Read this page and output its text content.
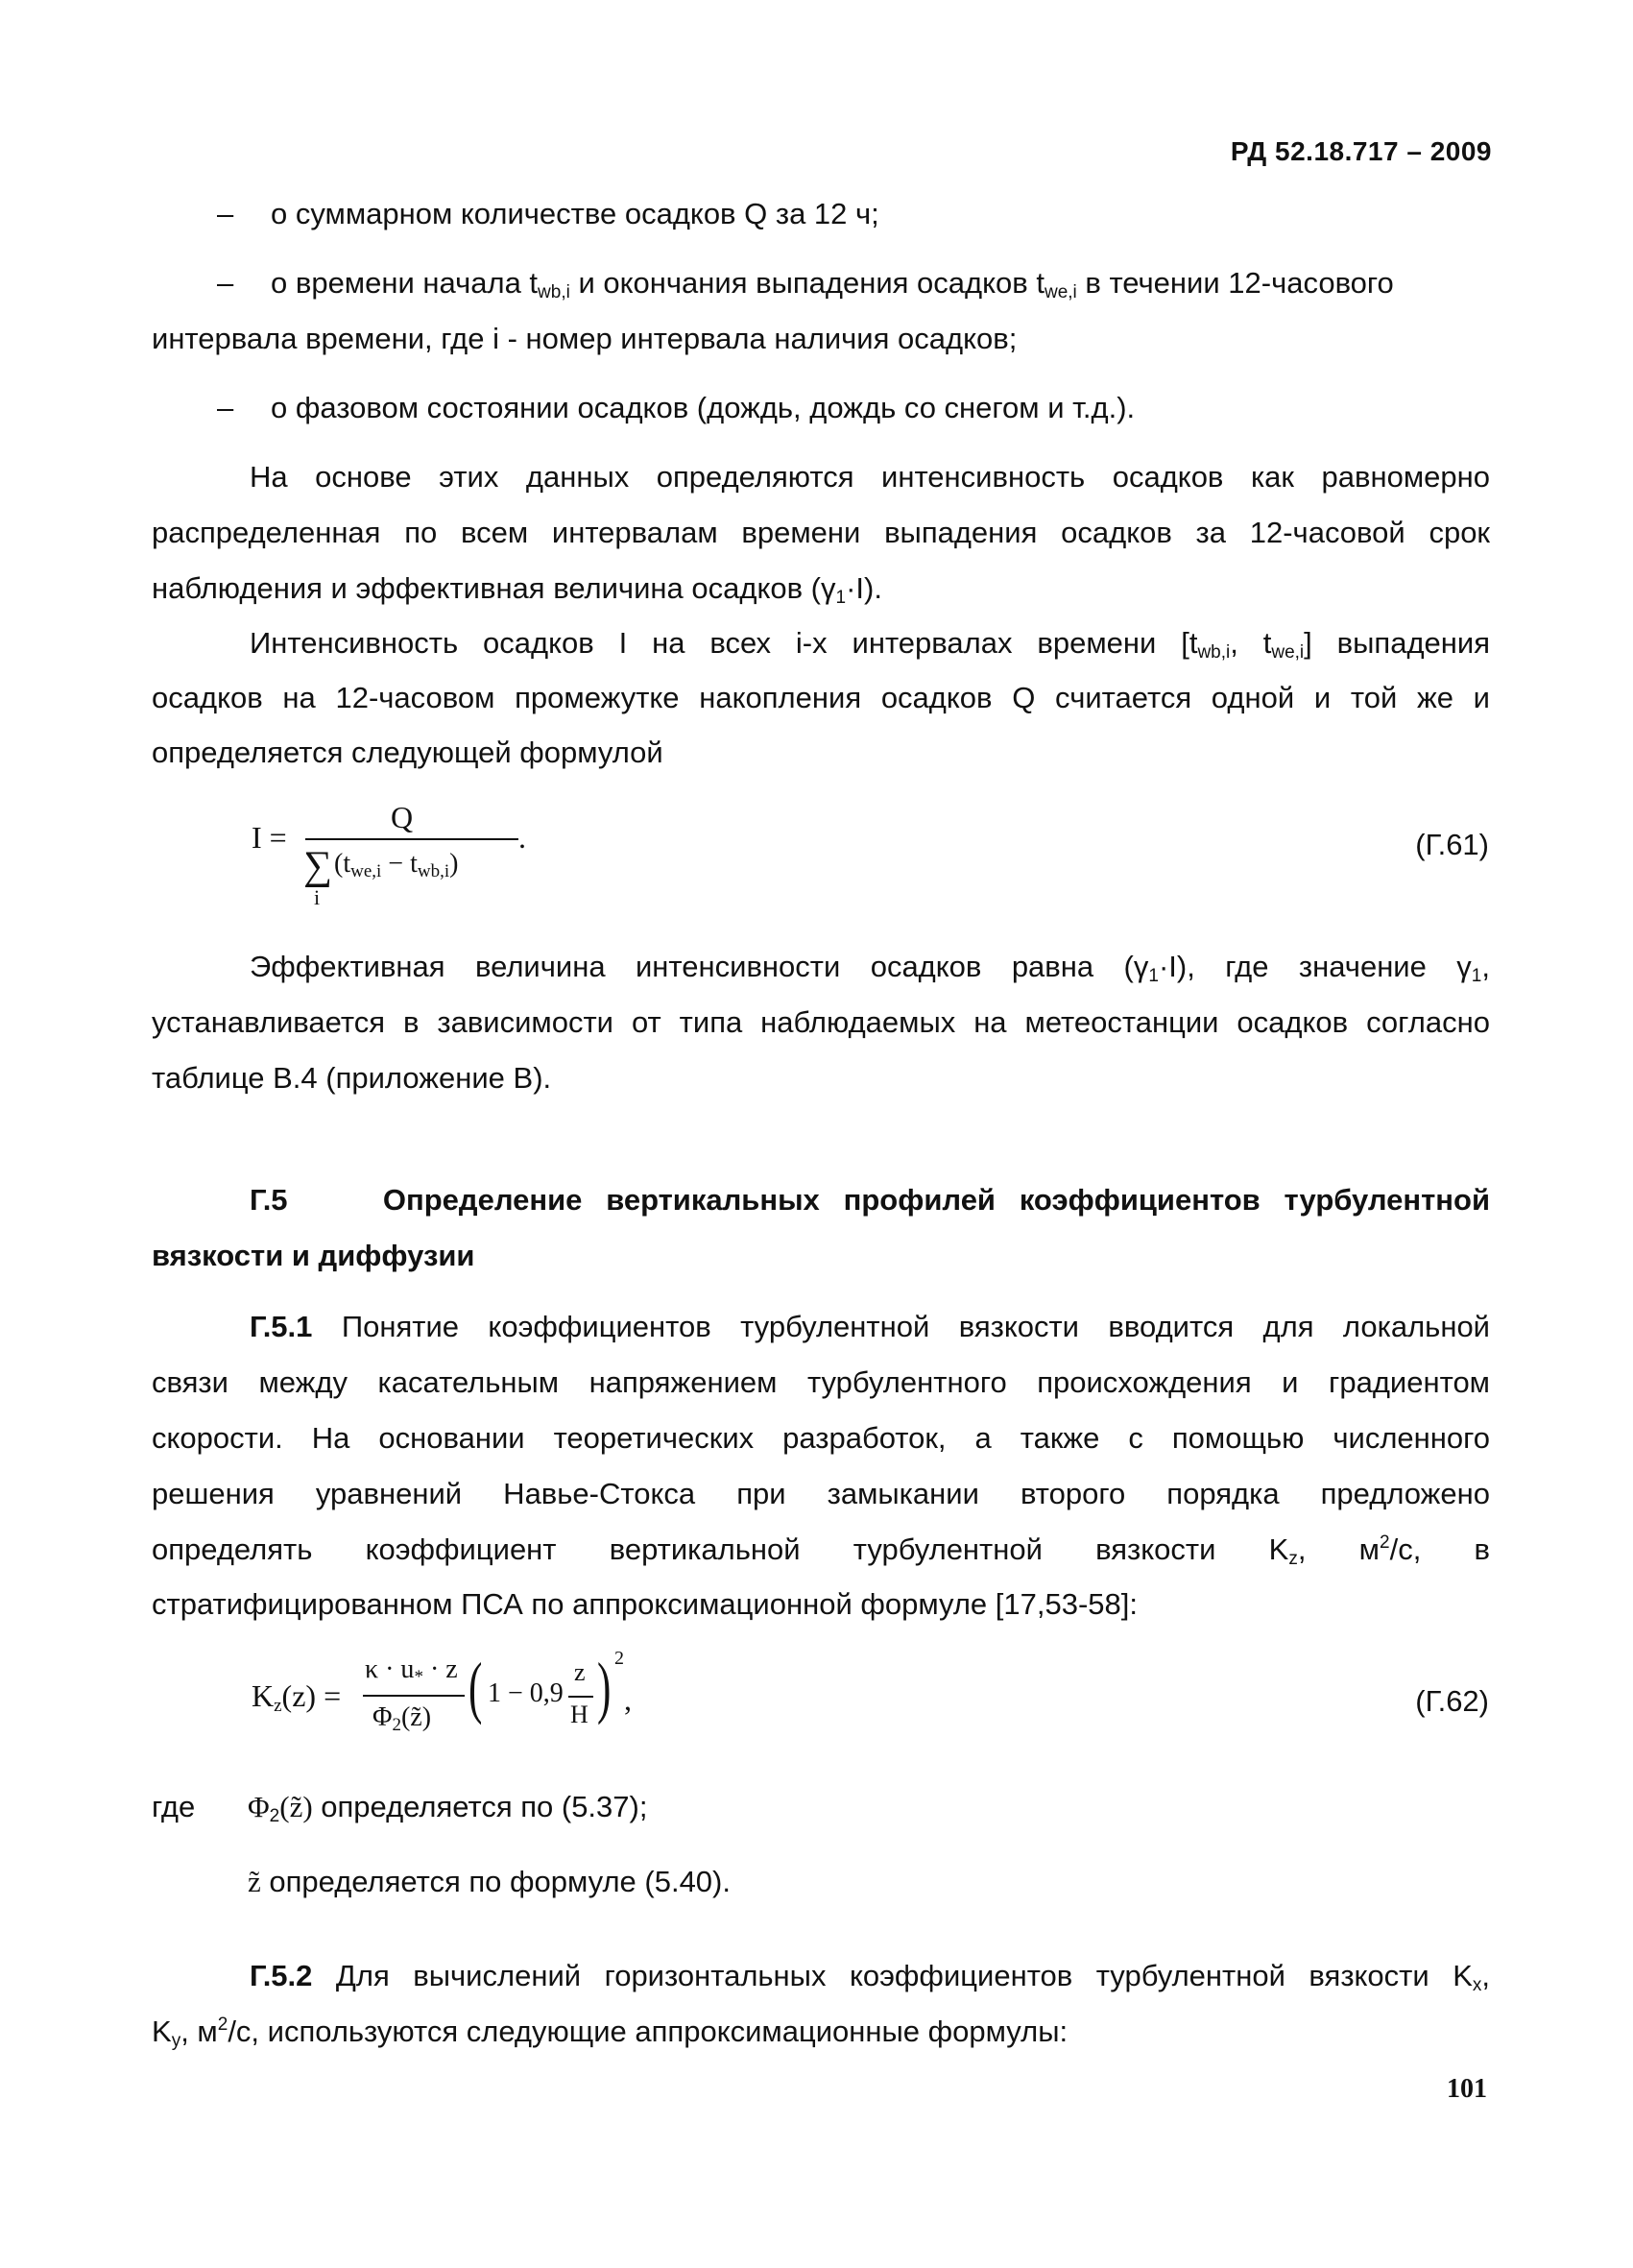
РД 52.18.717 – 2009
–	о суммарном количестве осадков Q за 12 ч;
–	о времени начала $t_{wb,i}$ и окончания выпадения осадков $t_{we,i}$ в течении 12-часового
интервала времени, где i - номер интервала наличия осадков;
–	о фазовом состоянии осадков (дождь, дождь со снегом и т.д.).
На основе этих данных определяются интенсивность осадков как равномерно
распределенная по всем интервалам времени выпадения осадков за 12-часовой срок
наблюдения и эффективная величина осадков $(\gamma_1\cdot I)$.
Интенсивность осадков I на всех i-х интервалах времени [$t_{wb,i}$, $t_{we,i}$] выпадения
осадков на 12-часовом промежутке накопления осадков Q считается одной и той же и
определяется следующей формулой
I =
Q
∑
i
$(t_{we,i} - t_{wb,i})$
.	(Г.61)
Эффективная величина интенсивности осадков равна $(\gamma_1\cdot I)$, где значение $\gamma_1$,
устанавливается в зависимости от типа наблюдаемых на метеостанции осадков согласно
таблице В.4 (приложение В).
Г.5	Определение вертикальных профилей коэффициентов турбулентной
вязкости и диффузии
Г.5.1 Понятие коэффициентов турбулентной вязкости вводится для локальной
связи между касательным напряжением турбулентного происхождения и градиентом
скорости. На основании теоретических разработок, а также с помощью численного
решения уравнений Навье-Стокса при замыкании второго порядка предложено
определять коэффициент вертикальной турбулентной вязкости $K_z$, $м^2/с$, в
стратифицированном ПСА по аппроксимационной формуле [17,53-58]:
$K_z(z)$ =
$\kappa \cdot u_* \cdot z$
$\Phi_2(z̃)$ ( 1 − 0,9
z
H ) 2
,	(Г.62)
где	$\Phi_2(z̃)$ определяется по (5.37);
z̃ определяется по формуле (5.40).
Г.5.2 Для вычислений горизонтальных коэффициентов турбулентной вязкости $K_x$,
$K_y$, $м^2/с$, используются следующие аппроксимационные формулы:
101
